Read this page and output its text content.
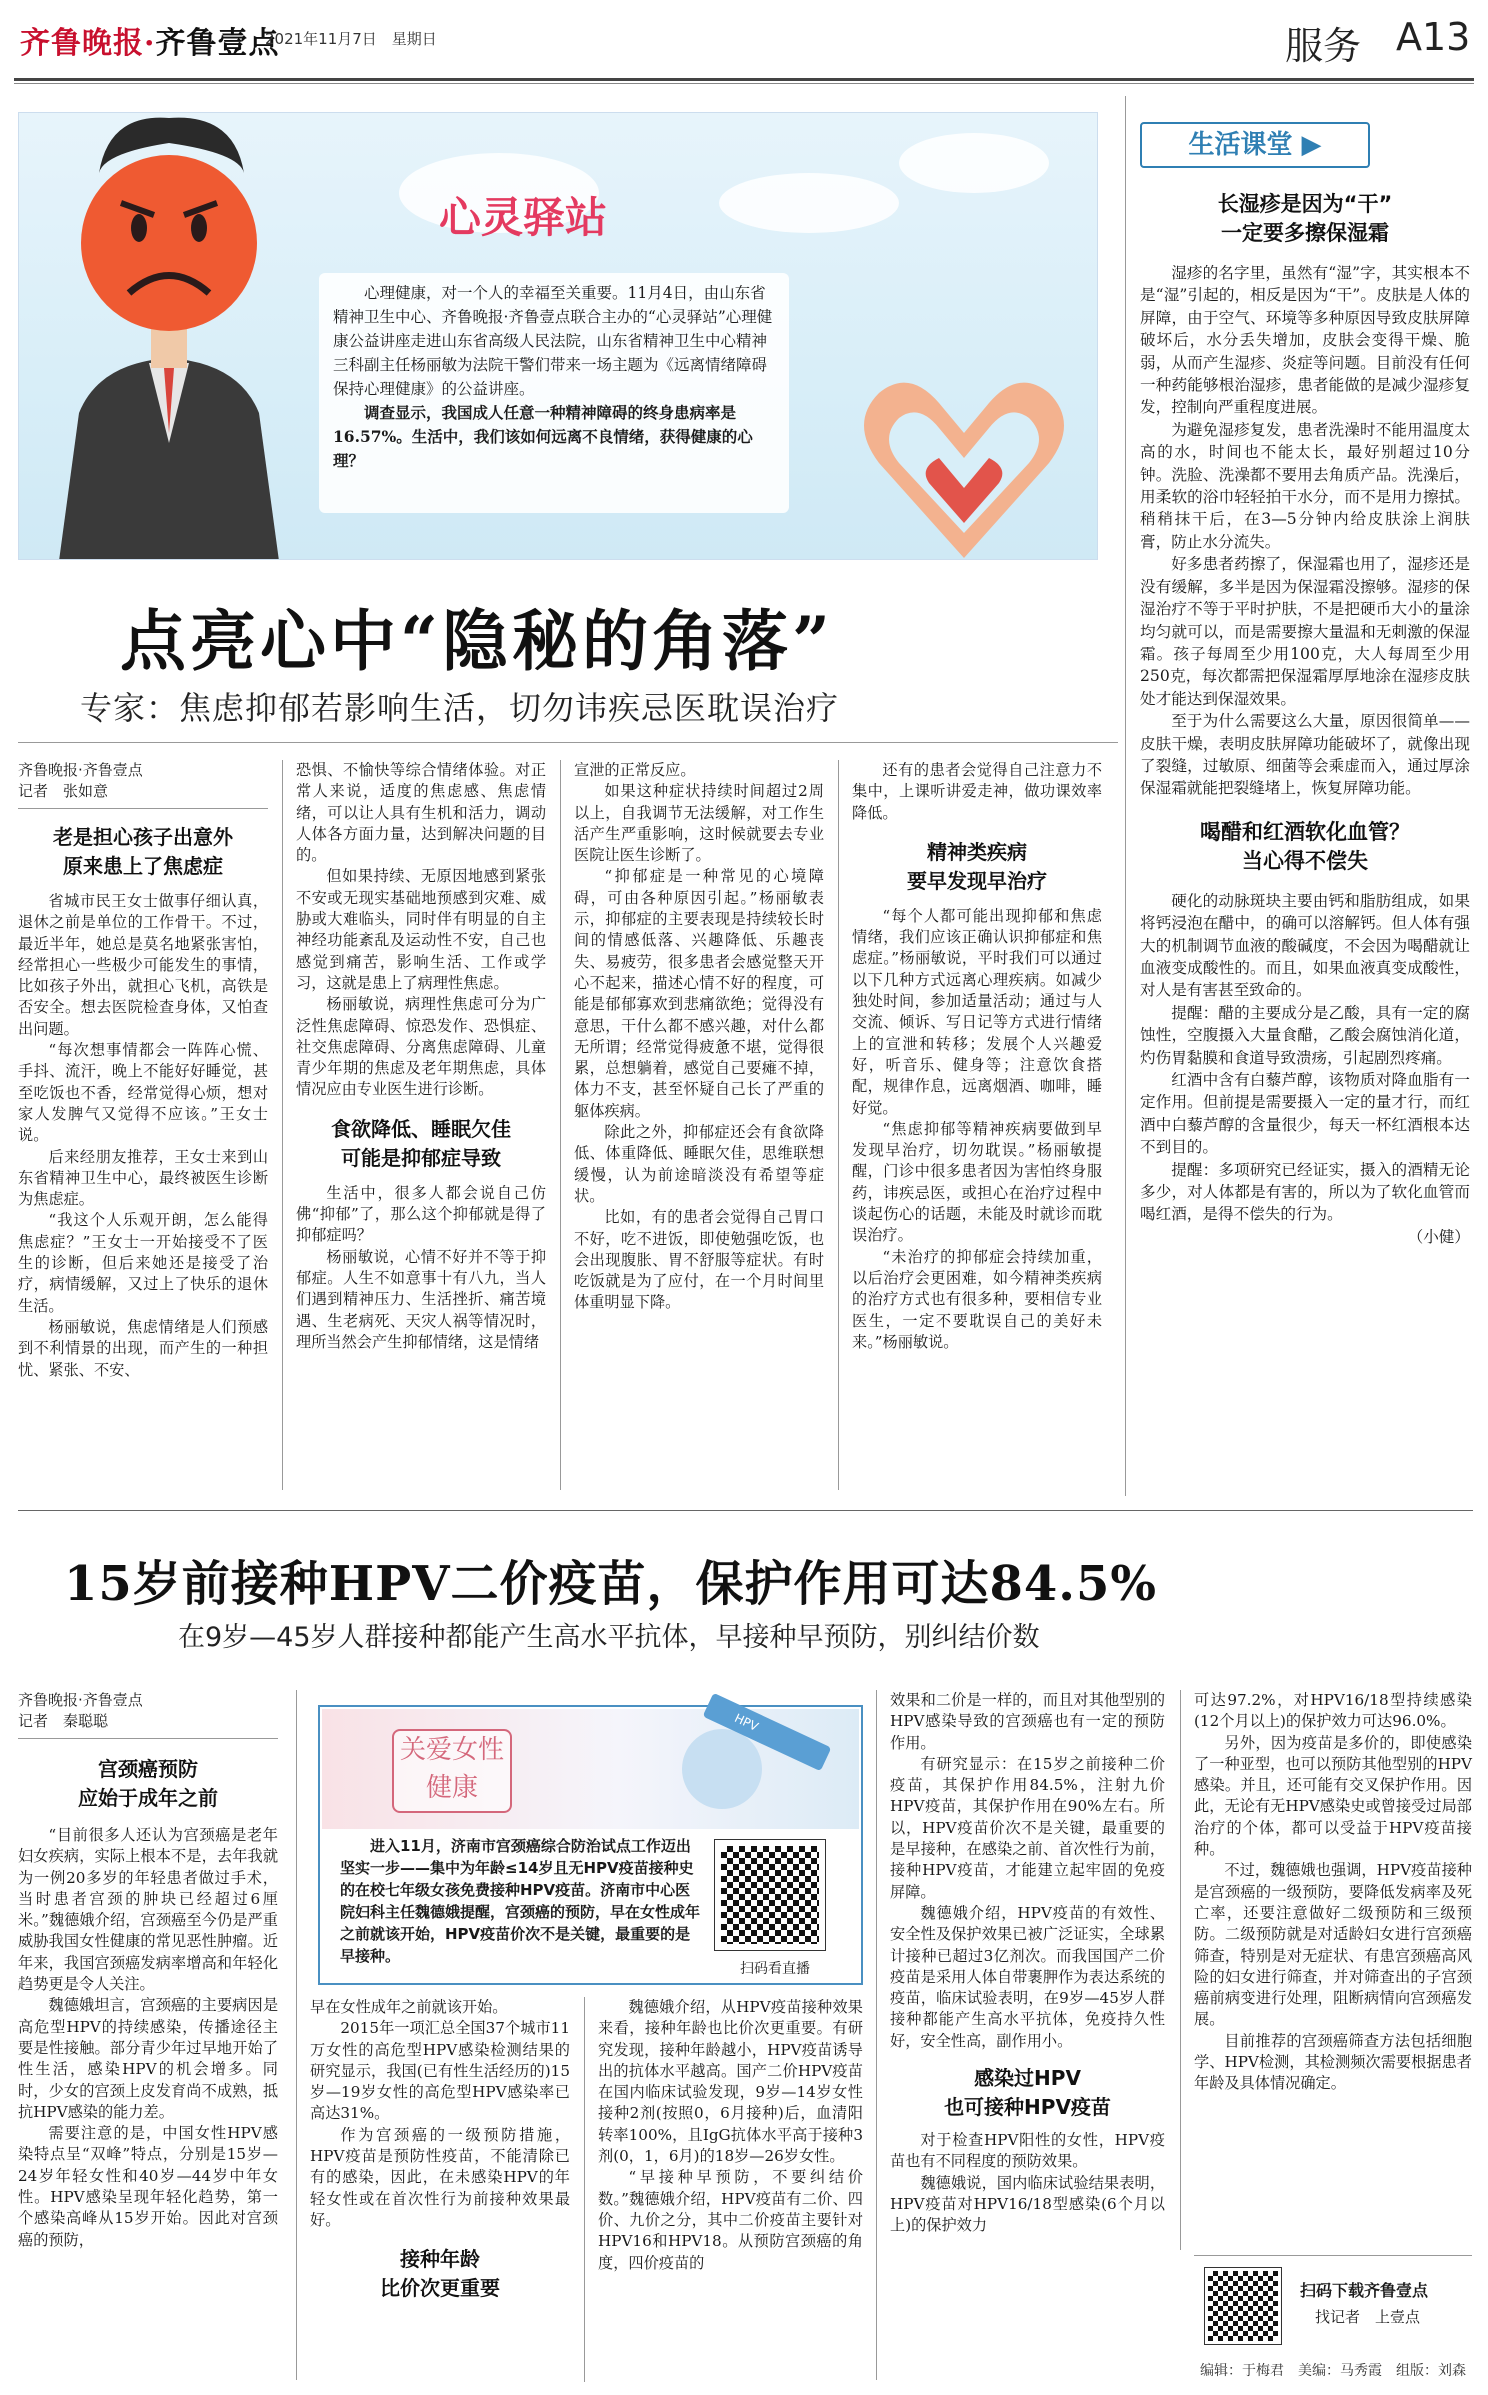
齐鲁晚报·齐鲁壹点
2021年11月7日　星期日	服务 A13
心灵驿站

心理健康，对一个人的幸福至关重要。11月4日，由山东省精神卫生中心、齐鲁晚报·齐鲁壹点联合主办的“心灵驿站”心理健康公益讲座走进山东省高级人民法院，山东省精神卫生中心精神三科副主任杨丽敏为法院干警们带来一场主题为《远离情绪障碍　保持心理健康》的公益讲座。

调查显示，我国成人任意一种精神障碍的终身患病率是16.57%。生活中，我们该如何远离不良情绪，获得健康的心理？

点亮心中“隐秘的角落”
专家：焦虑抑郁若影响生活，切勿讳疾忌医耽误治疗
齐鲁晚报·齐鲁壹点
记者　张如意
老是担心孩子出意外
原来患上了焦虑症

省城市民王女士做事仔细认真，退休之前是单位的工作骨干。不过，最近半年，她总是莫名地紧张害怕，经常担心一些极少可能发生的事情，比如孩子外出，就担心飞机，高铁是否安全。想去医院检查身体，又怕查出问题。

“每次想事情都会一阵阵心慌、手抖、流汗，晚上不能好好睡觉，甚至吃饭也不香，经常觉得心烦，想对家人发脾气又觉得不应该。”王女士说。

后来经朋友推荐，王女士来到山东省精神卫生中心，最终被医生诊断为焦虑症。

“我这个人乐观开朗，怎么能得焦虑症？”王女士一开始接受不了医生的诊断，但后来她还是接受了治疗，病情缓解，又过上了快乐的退休生活。

杨丽敏说，焦虑情绪是人们预感到不利情景的出现，而产生的一种担忧、紧张、不安、

恐惧、不愉快等综合情绪体验。对正常人来说，适度的焦虑感、焦虑情绪，可以让人具有生机和活力，调动人体各方面力量，达到解决问题的目的。

但如果持续、无原因地感到紧张不安或无现实基础地预感到灾难、威胁或大难临头，同时伴有明显的自主神经功能紊乱及运动性不安，自己也感觉到痛苦，影响生活、工作或学习，这就是患上了病理性焦虑。

杨丽敏说，病理性焦虑可分为广泛性焦虑障碍、惊恐发作、恐惧症、社交焦虑障碍、分离焦虑障碍、儿童青少年期的焦虑及老年期焦虑，具体情况应由专业医生进行诊断。

食欲降低、睡眠欠佳
可能是抑郁症导致

生活中，很多人都会说自己仿佛“抑郁”了，那么这个抑郁就是得了抑郁症吗？

杨丽敏说，心情不好并不等于抑郁症。人生不如意事十有八九，当人们遇到精神压力、生活挫折、痛苦境遇、生老病死、天灾人祸等情况时，理所当然会产生抑郁情绪，这是情绪

宣泄的正常反应。

如果这种症状持续时间超过2周以上，自我调节无法缓解，对工作生活产生严重影响，这时候就要去专业医院让医生诊断了。

“抑郁症是一种常见的心境障碍，可由各种原因引起。”杨丽敏表示，抑郁症的主要表现是持续较长时间的情感低落、兴趣降低、乐趣丧失、易疲劳，很多患者会感觉整天开心不起来，描述心情不好的程度，可能是郁郁寡欢到悲痛欲绝；觉得没有意思，干什么都不感兴趣，对什么都无所谓；经常觉得疲惫不堪，觉得很累，总想躺着，感觉自己要瘫不掉，体力不支，甚至怀疑自己长了严重的躯体疾病。

除此之外，抑郁症还会有食欲降低、体重降低、睡眠欠佳，思维联想缓慢，认为前途暗淡没有希望等症状。

比如，有的患者会觉得自己胃口不好，吃不进饭，即使勉强吃饭，也会出现腹胀、胃不舒服等症状。有时吃饭就是为了应付，在一个月时间里体重明显下降。

还有的患者会觉得自己注意力不集中，上课听讲爱走神，做功课效率降低。

精神类疾病
要早发现早治疗

“每个人都可能出现抑郁和焦虑情绪，我们应该正确认识抑郁症和焦虑症。”杨丽敏说，平时我们可以通过以下几种方式远离心理疾病。如减少独处时间，参加适量活动；通过与人交流、倾诉、写日记等方式进行情绪上的宣泄和转移；发展个人兴趣爱好，听音乐、健身等；注意饮食搭配，规律作息，远离烟酒、咖啡，睡好觉。

“焦虑抑郁等精神疾病要做到早发现早治疗，切勿耽误。”杨丽敏提醒，门诊中很多患者因为害怕终身服药，讳疾忌医，或担心在治疗过程中谈起伤心的话题，未能及时就诊而耽误治疗。

“未治疗的抑郁症会持续加重，以后治疗会更困难，如今精神类疾病的治疗方式也有很多种，要相信专业医生，一定不要耽误自己的美好未来。”杨丽敏说。

生活课堂 ▶
长湿疹是因为“干”
一定要多擦保湿霜

湿疹的名字里，虽然有“湿”字，其实根本不是“湿”引起的，相反是因为“干”。皮肤是人体的屏障，由于空气、环境等多种原因导致皮肤屏障破坏后，水分丢失增加，皮肤会变得干燥、脆弱，从而产生湿疹、炎症等问题。目前没有任何一种药能够根治湿疹，患者能做的是减少湿疹复发，控制向严重程度进展。

为避免湿疹复发，患者洗澡时不能用温度太高的水，时间也不能太长，最好别超过10分钟。洗脸、洗澡都不要用去角质产品。洗澡后，用柔软的浴巾轻轻拍干水分，而不是用力擦拭。稍稍抹干后，在3—5分钟内给皮肤涂上润肤膏，防止水分流失。

好多患者药擦了，保湿霜也用了，湿疹还是没有缓解，多半是因为保湿霜没擦够。湿疹的保湿治疗不等于平时护肤，不是把硬币大小的量涂均匀就可以，而是需要擦大量温和无刺激的保湿霜。孩子每周至少用100克，大人每周至少用250克，每次都需把保湿霜厚厚地涂在湿疹皮肤处才能达到保湿效果。

至于为什么需要这么大量，原因很简单——皮肤干燥，表明皮肤屏障功能破坏了，就像出现了裂缝，过敏原、细菌等会乘虚而入，通过厚涂保湿霜就能把裂缝堵上，恢复屏障功能。

喝醋和红酒软化血管？
当心得不偿失

硬化的动脉斑块主要由钙和脂肪组成，如果将钙浸泡在醋中，的确可以溶解钙。但人体有强大的机制调节血液的酸碱度，不会因为喝醋就让血液变成酸性的。而且，如果血液真变成酸性，对人是有害甚至致命的。

提醒：醋的主要成分是乙酸，具有一定的腐蚀性，空腹摄入大量食醋，乙酸会腐蚀消化道，灼伤胃黏膜和食道导致溃疡，引起剧烈疼痛。

红酒中含有白藜芦醇，该物质对降血脂有一定作用。但前提是需要摄入一定的量才行，而红酒中白藜芦醇的含量很少，每天一杯红酒根本达不到目的。

提醒：多项研究已经证实，摄入的酒精无论多少，对人体都是有害的，所以为了软化血管而喝红酒，是得不偿失的行为。

（小健）
15岁前接种HPV二价疫苗，保护作用可达84.5%
在9岁—45岁人群接种都能产生高水平抗体，早接种早预防，别纠结价数
齐鲁晚报·齐鲁壹点
记者　秦聪聪
宫颈癌预防
应始于成年之前

“目前很多人还认为宫颈癌是老年妇女疾病，实际上根本不是，去年我就为一例20多岁的年轻患者做过手术，当时患者宫颈的肿块已经超过6厘米。”魏德娥介绍，宫颈癌至今仍是严重威胁我国女性健康的常见恶性肿瘤。近年来，我国宫颈癌发病率增高和年轻化趋势更是令人关注。

魏德娥坦言，宫颈癌的主要病因是高危型HPV的持续感染，传播途径主要是性接触。部分青少年过早地开始了性生活，感染HPV的机会增多。同时，少女的宫颈上皮发育尚不成熟，抵抗HPV感染的能力差。

需要注意的是，中国女性HPV感染特点呈“双峰”特点，分别是15岁—24岁年轻女性和40岁—44岁中年女性。HPV感染呈现年轻化趋势，第一个感染高峰从15岁开始。因此对宫颈癌的预防，

关爱女性健康
HPV
进入11月，济南市宫颈癌综合防治试点工作迈出坚实一步——集中为年龄≤14岁且无HPV疫苗接种史的在校七年级女孩免费接种HPV疫苗。济南市中心医院妇科主任魏德娥提醒，宫颈癌的预防，早在女性成年之前就该开始，HPV疫苗价次不是关键，最重要的是早接种。
扫码看直播

早在女性成年之前就该开始。

2015年一项汇总全国37个城市11万女性的高危型HPV感染检测结果的研究显示，我国(已有性生活经历的)15岁—19岁女性的高危型HPV感染率已高达31%。

作为宫颈癌的一级预防措施，HPV疫苗是预防性疫苗，不能清除已有的感染，因此，在未感染HPV的年轻女性或在首次性行为前接种效果最好。

接种年龄
比价次更重要

魏德娥介绍，从HPV疫苗接种效果来看，接种年龄也比价次更重要。有研究发现，接种年龄越小，HPV疫苗诱导出的抗体水平越高。国产二价HPV疫苗在国内临床试验发现，9岁—14岁女性接种2剂(按照0，6月接种)后，血清阳转率100%，且IgG抗体水平高于接种3剂(0，1，6月)的18岁—26岁女性。

“早接种早预防，不要纠结价数。”魏德娥介绍，HPV疫苗有二价、四价、九价之分，其中二价疫苗主要针对HPV16和HPV18。从预防宫颈癌的角度，四价疫苗的

效果和二价是一样的，而且对其他型别的HPV感染导致的宫颈癌也有一定的预防作用。

有研究显示：在15岁之前接种二价疫苗，其保护作用84.5%，注射九价HPV疫苗，其保护作用在90%左右。所以，HPV疫苗价次不是关键，最重要的是早接种，在感染之前、首次性行为前，接种HPV疫苗，才能建立起牢固的免疫屏障。

魏德娥介绍，HPV疫苗的有效性、安全性及保护效果已被广泛证实，全球累计接种已超过3亿剂次。而我国国产二价疫苗是采用人体自带裹胛作为表达系统的疫苗，临床试验表明，在9岁—45岁人群接种都能产生高水平抗体，免疫持久性好，安全性高，副作用小。

感染过HPV
也可接种HPV疫苗

对于检查HPV阳性的女性，HPV疫苗也有不同程度的预防效果。

魏德娥说，国内临床试验结果表明，HPV疫苗对HPV16/18型感染(6个月以上)的保护效力

可达97.2%，对HPV16/18型持续感染(12个月以上)的保护效力可达96.0%。

另外，因为疫苗是多价的，即使感染了一种亚型，也可以预防其他型别的HPV感染。并且，还可能有交叉保护作用。因此，无论有无HPV感染史或曾接受过局部治疗的个体，都可以受益于HPV疫苗接种。

不过，魏德娥也强调，HPV疫苗接种是宫颈癌的一级预防，要降低发病率及死亡率，还要注意做好二级预防和三级预防。二级预防就是对适龄妇女进行宫颈癌筛查，特别是对无症状、有患宫颈癌高风险的妇女进行筛查，并对筛查出的子宫颈癌前病变进行处理，阻断病情向宫颈癌发展。

目前推荐的宫颈癌筛查方法包括细胞学、HPV检测，其检测频次需要根据患者年龄及具体情况确定。

扫码下载齐鲁壹点
找记者　上壹点
编辑：于梅君　美编：马秀霞　组版：刘森
